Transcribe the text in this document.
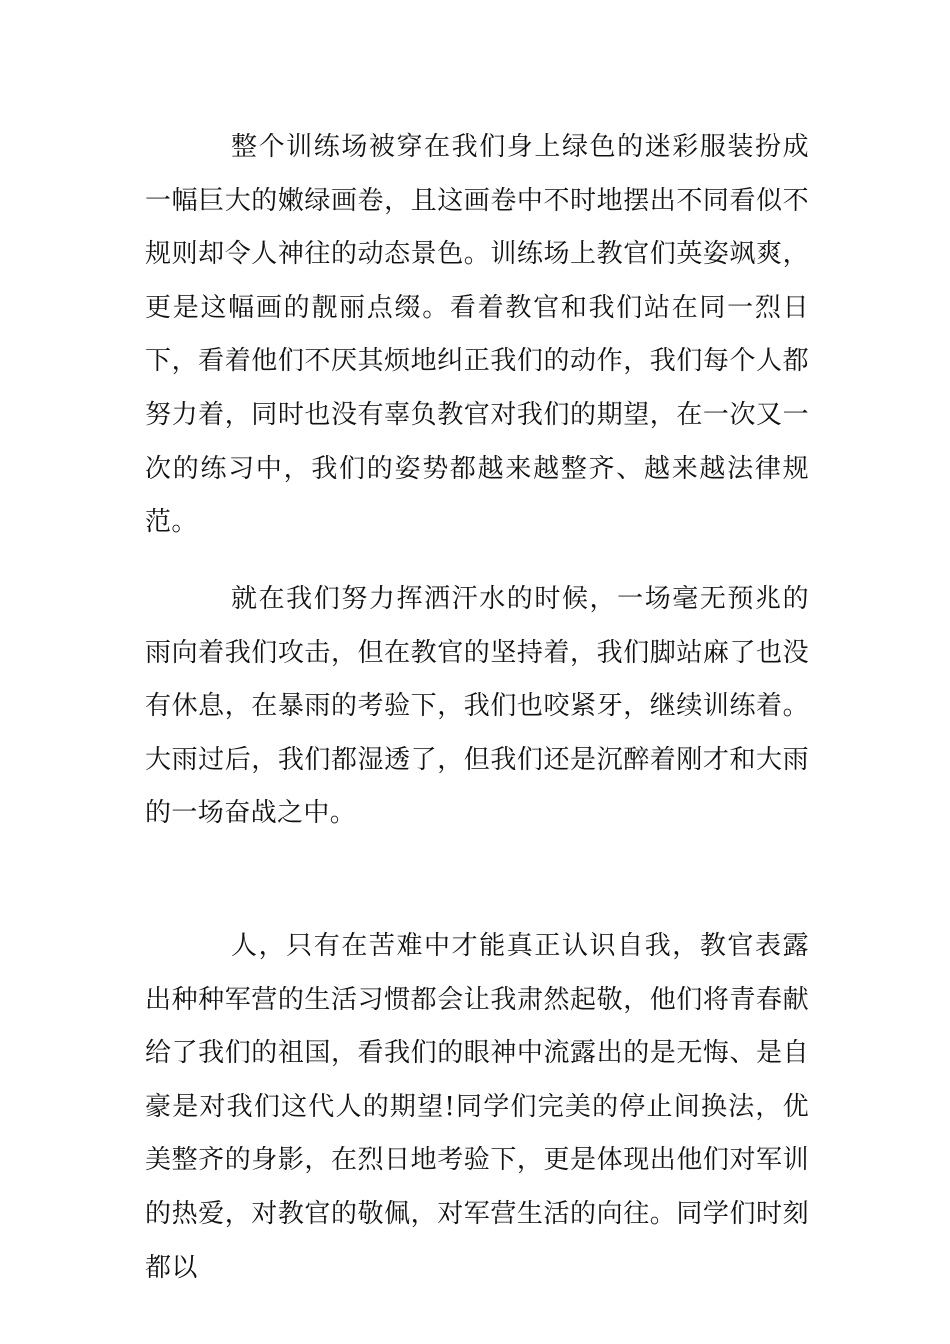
整个训练场被穿在我们身上绿色的迷彩服装扮成一幅巨大的嫩绿画卷，且这画卷中不时地摆出不同看似不规则却令人神往的动态景色。训练场上教官们英姿飒爽，更是这幅画的靓丽点缀。看着教官和我们站在同一烈日下，看着他们不厌其烦地纠正我们的动作，我们每个人都努力着，同时也没有辜负教官对我们的期望，在一次又一次的练习中，我们的姿势都越来越整齐、越来越法律规范。

就在我们努力挥洒汗水的时候，一场毫无预兆的雨向着我们攻击，但在教官的坚持着，我们脚站麻了也没有休息，在暴雨的考验下，我们也咬紧牙，继续训练着。大雨过后，我们都湿透了，但我们还是沉醉着刚才和大雨的一场奋战之中。

人，只有在苦难中才能真正认识自我，教官表露出种种军营的生活习惯都会让我肃然起敬，他们将青春献给了我们的祖国，看我们的眼神中流露出的是无悔、是自豪是对我们这代人的期望!同学们完美的停止间换法，优美整齐的身影，在烈日地考验下，更是体现出他们对军训的热爱，对教官的敬佩，对军营生活的向往。同学们时刻都以
